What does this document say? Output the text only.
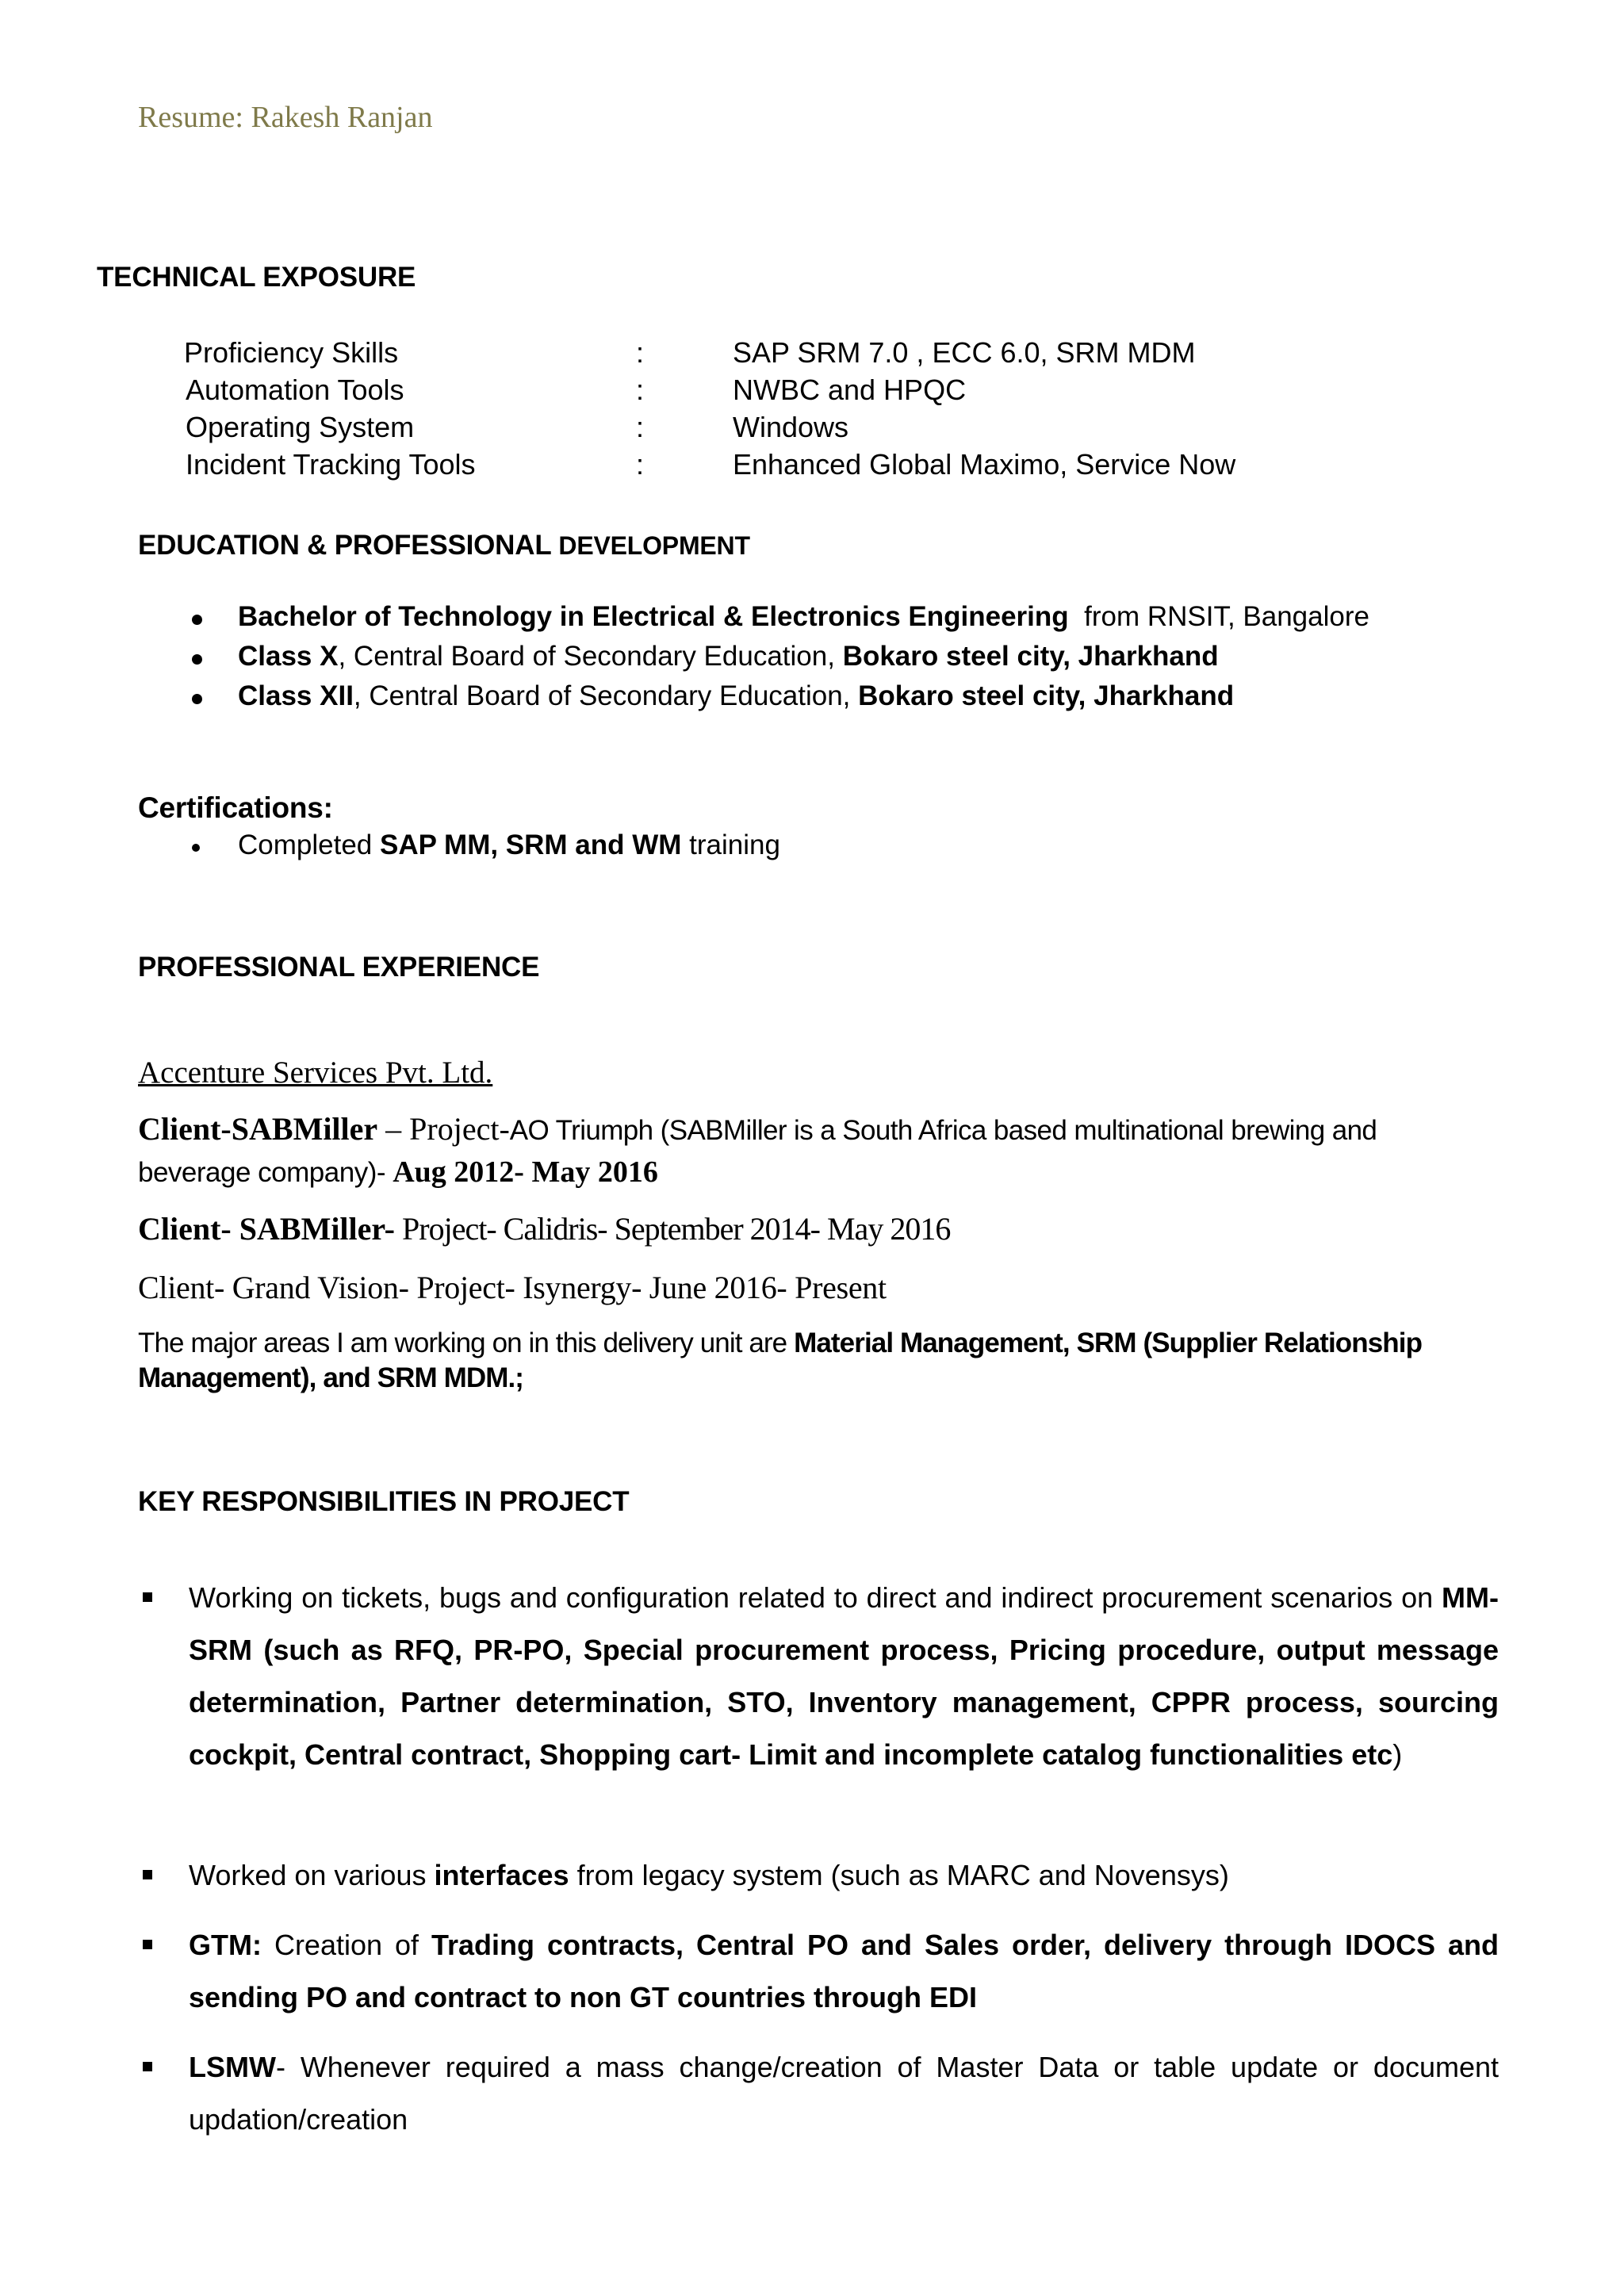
Resume: Rakesh Ranjan
TECHNICAL EXPOSURE
Proficiency Skills	:	SAP SRM 7.0 , ECC 6.0, SRM MDM
Automation Tools	:	NWBC and HPQC
Operating System	:	Windows
Incident Tracking Tools	:	Enhanced Global Maximo, Service Now
EDUCATION & PROFESSIONAL DEVELOPMENT
Bachelor of Technology in Electrical & Electronics Engineering  from RNSIT, Bangalore
Class X, Central Board of Secondary Education, Bokaro steel city, Jharkhand
Class XII, Central Board of Secondary Education, Bokaro steel city, Jharkhand
Certifications:
Completed SAP MM, SRM and WM training
PROFESSIONAL EXPERIENCE
Accenture Services Pvt. Ltd.
Client-SABMiller – Project-AO Triumph (SABMiller is a South Africa based multinational brewing and
beverage company)- Aug 2012- May 2016
Client- SABMiller- Project- Calidris- September 2014- May 2016
Client- Grand Vision- Project- Isynergy- June 2016- Present
The major areas I am working on in this delivery unit are Material Management, SRM (Supplier Relationship
Management), and SRM MDM.;
KEY RESPONSIBILITIES IN PROJECT

Working on tickets, bugs and configuration related to direct and indirect procurement scenarios on MM-SRM (such as RFQ, PR-PO, Special procurement process, Pricing procedure, output message determination, Partner determination, STO, Inventory management, CPPR process, sourcing cockpit, Central contract, Shopping cart- Limit and incomplete catalog functionalities etc)

Worked on various interfaces from legacy system (such as MARC and Novensys)

GTM: Creation of Trading contracts, Central PO and Sales order, delivery through IDOCS and sending PO and contract to non GT countries through EDI

LSMW- Whenever required a mass change/creation of Master Data or table update or document updation/creation
